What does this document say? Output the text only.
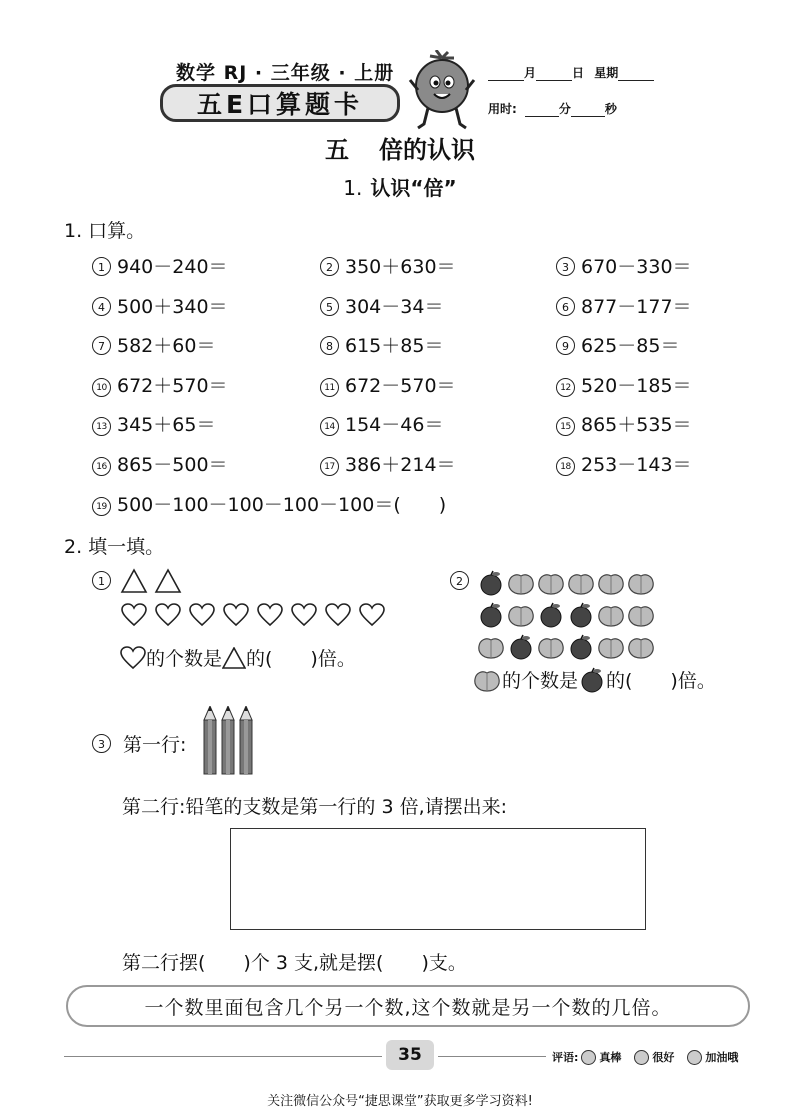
数学 RJ · 三年级 · 上册
五E口算题卡
月	日 星期
用时:	分	秒
五 倍的认识
1. 认识“倍”
1. 口算。
1 940－240＝	2 350＋630＝	3 670－330＝
4 500＋340＝	5 304－34＝	6 877－177＝
7 582＋60＝	8 615＋85＝	9 625－85＝
10 672＋570＝	11 672－570＝	12 520－185＝
13 345＋65＝	14 154－46＝	15 865＋535＝
16 865－500＝	17 386＋214＝	18 253－143＝
19 500－100－100－100－100＝(　　)
2. 填一填。
1
的个数是 的(　　)倍。
2
的个数是 的(　　)倍。
3 第一行:
第二行:铅笔的支数是第一行的 3 倍,请摆出来:
第二行摆(　　)个 3 支,就是摆(　　)支。
一个数里面包含几个另一个数,这个数就是另一个数的几倍。
35	评语: 真棒	很好	加油哦
关注微信公众号“捷思课堂”获取更多学习资料!
